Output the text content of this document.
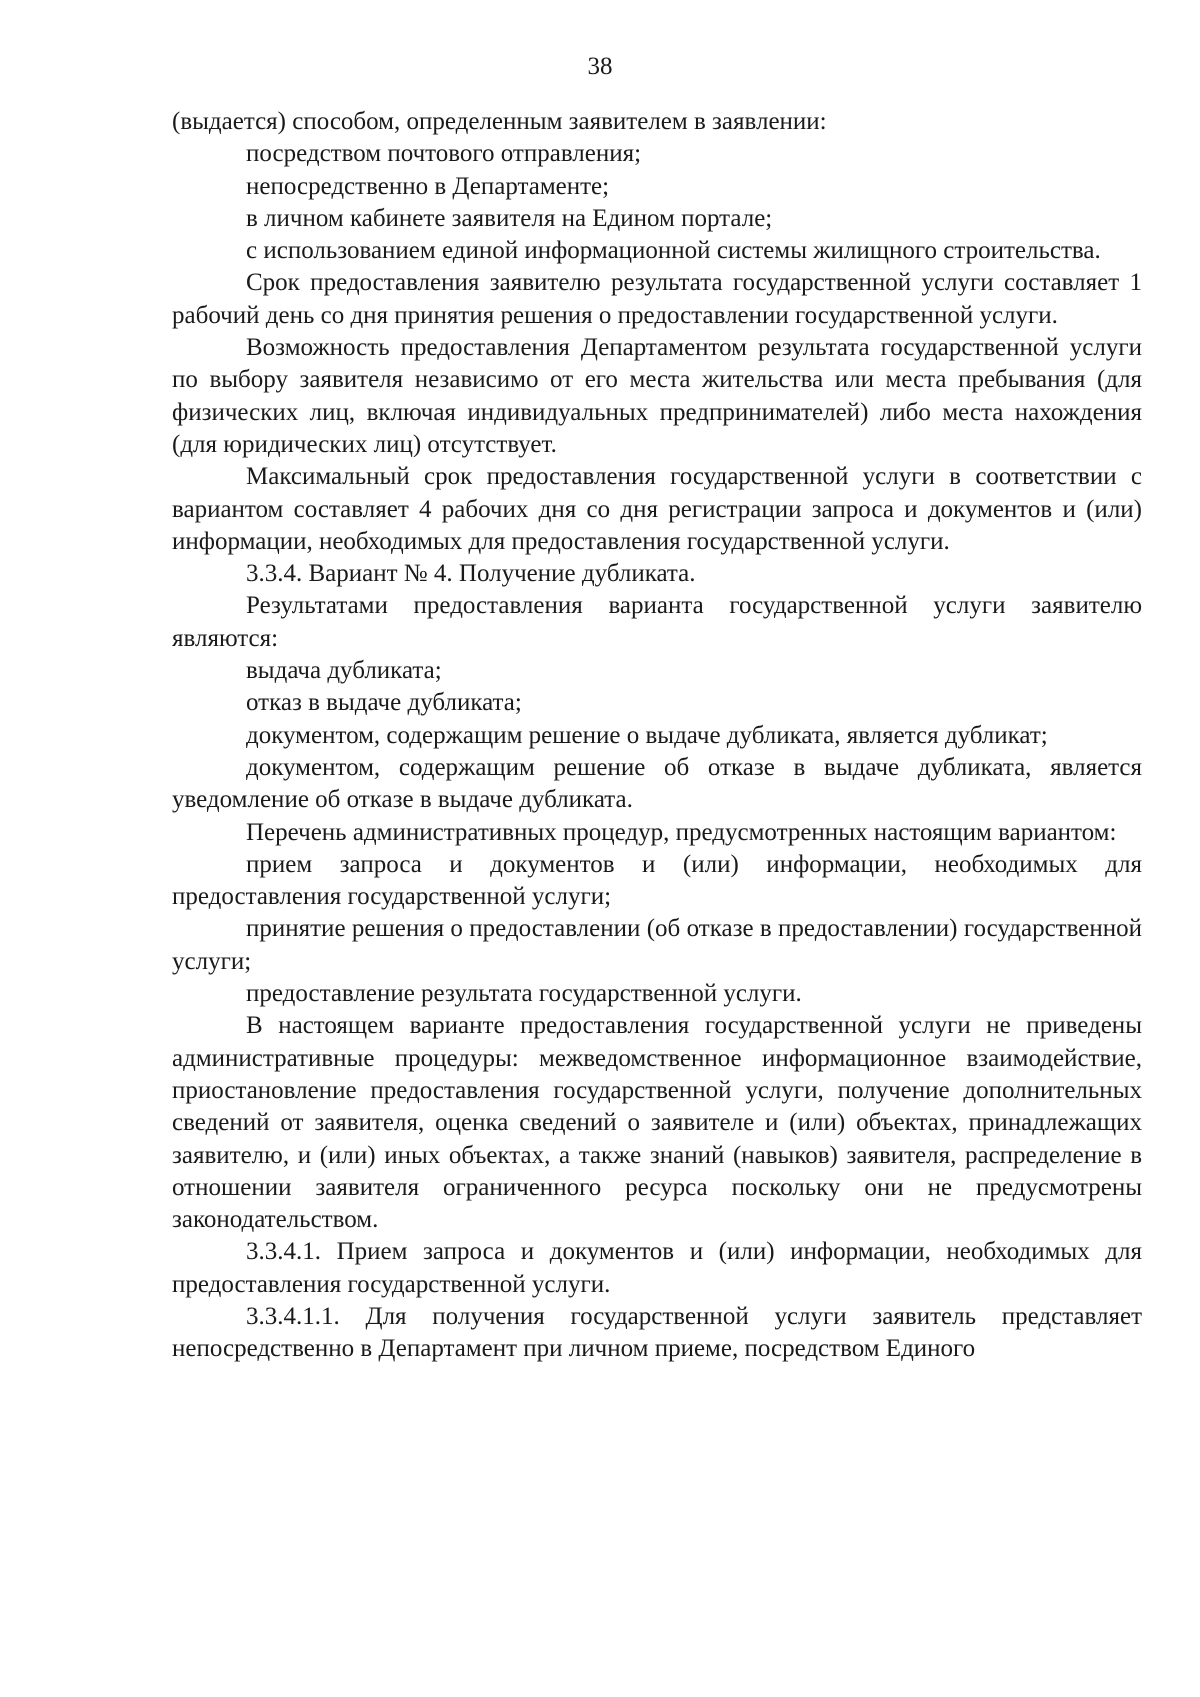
38

(выдается) способом, определенным заявителем в заявлении:

посредством почтового отправления;

непосредственно в Департаменте;

в личном кабинете заявителя на Едином портале;

с использованием единой информационной системы жилищного строительства.

Срок предоставления заявителю результата государственной услуги составляет 1 рабочий день со дня принятия решения о предоставлении государственной услуги.

Возможность предоставления Департаментом результата государственной услуги по выбору заявителя независимо от его места жительства или места пребывания (для физических лиц, включая индивидуальных предпринимателей) либо места нахождения (для юридических лиц) отсутствует.

Максимальный срок предоставления государственной услуги в соответствии с вариантом составляет 4 рабочих дня со дня регистрации запроса и документов и (или) информации, необходимых для предоставления государственной услуги.

3.3.4. Вариант № 4. Получение дубликата.

Результатами предоставления варианта государственной услуги заявителю являются:

выдача дубликата;

отказ в выдаче дубликата;

документом, содержащим решение о выдаче дубликата, является дубликат;

документом, содержащим решение об отказе в выдаче дубликата, является уведомление об отказе в выдаче дубликата.

Перечень административных процедур, предусмотренных настоящим вариантом:

прием запроса и документов и (или) информации, необходимых для предоставления государственной услуги;

принятие решения о предоставлении (об отказе в предоставлении) государственной услуги;

предоставление результата государственной услуги.

В настоящем варианте предоставления государственной услуги не приведены административные процедуры: межведомственное информационное взаимодействие, приостановление предоставления государственной услуги, получение дополнительных сведений от заявителя, оценка сведений о заявителе и (или) объектах, принадлежащих заявителю, и (или) иных объектах, а также знаний (навыков) заявителя, распределение в отношении заявителя ограниченного ресурса поскольку они не предусмотрены законодательством.

3.3.4.1. Прием запроса и документов и (или) информации, необходимых для предоставления государственной услуги.

3.3.4.1.1. Для получения государственной услуги заявитель представляет непосредственно в Департамент при личном приеме, посредством Единого
